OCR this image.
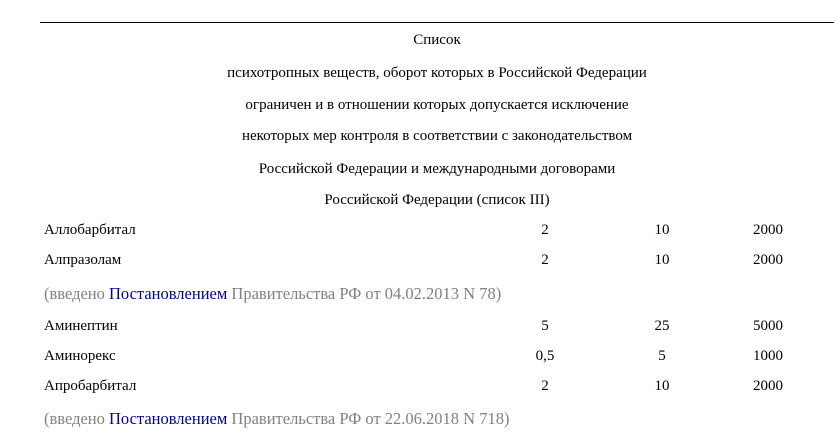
Список
психотропных веществ, оборот которых в Российской Федерации
ограничен и в отношении которых допускается исключение
некоторых мер контроля в соответствии с законодательством
Российской Федерации и международными договорами
Российской Федерации (список III)
Аллобарбитал	2	10	2000
Алпразолам	2	10	2000
(введено Постановлением Правительства РФ от 04.02.2013 N 78)
Аминептин	5	25	5000
Аминорекс	0,5	5	1000
Апробарбитал	2	10	2000
(введено Постановлением Правительства РФ от 22.06.2018 N 718)
